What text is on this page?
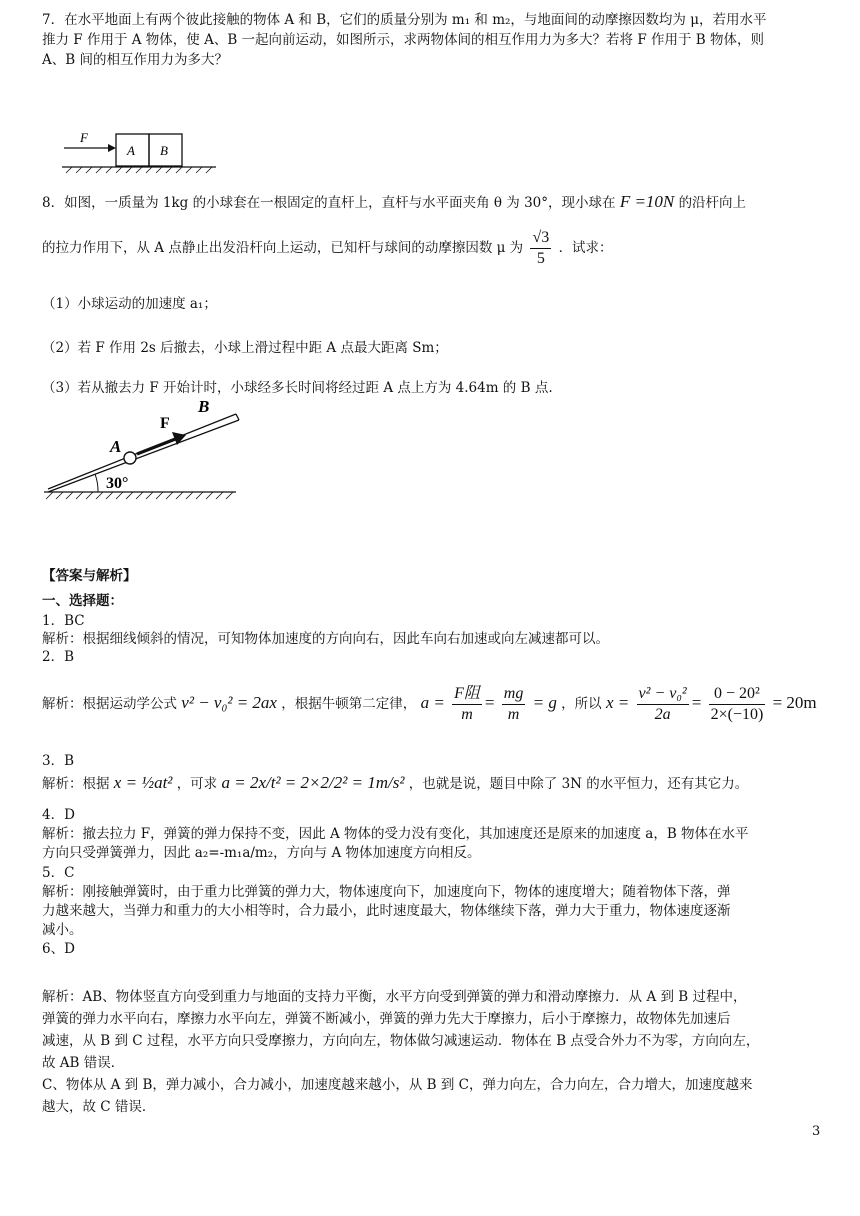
7．在水平地面上有两个彼此接触的物体 A 和 B，它们的质量分别为 m₁ 和 m₂，与地面间的动摩擦因数均为 μ，若用水平

推力 F 作用于 A 物体，使 A、B 一起向前运动，如图所示，求两物体间的相互作用力为多大？若将 F 作用于 B 物体，则

A、B 间的相互作用力为多大？

F
A B

8．如图，一质量为 1kg 的小球套在一根固定的直杆上，直杆与水平面夹角 θ 为 30°，现小球在 F =10N 的沿杆向上

的拉力作用下，从 A 点静止出发沿杆向上运动，已知杆与球间的动摩擦因数 μ 为 $\frac{√3}{5}$ ．试求：

（1）小球运动的加速度 a₁；
（2）若 F 作用 2s 后撤去，小球上滑过程中距 A 点最大距离 Sm；
（3）若从撤去力 F 开始计时，小球经多长时间将经过距 A 点上方为 4.64m 的 B 点.
A
F
B
30°
【答案与解析】
一、选择题：

1．BC

解析：根据细线倾斜的情况，可知物体加速度的方向向右，因此车向右加速或向左减速都可以。

2．B

解析：根据运动学公式 v² − v₀² = 2ax ，根据牛顿第二定律， $a = \frac{\text{F阻}}{m} = \frac{mg}{m} = g$ ，所以 $x = \frac{\text{v² − v₀²}}{2a} = \frac{\text{0 − 20²}}{2\times(-10)} = 20m$
3．B
解析：根据 x = ½at² ，可求 a = 2x/t² = 2×2/2² = 1m/s² ，也就是说，题目中除了 3N 的水平恒力，还有其它力。

4．D

解析：撤去拉力 F，弹簧的弹力保持不变，因此 A 物体的受力没有变化，其加速度还是原来的加速度 a，B 物体在水平

方向只受弹簧弹力，因此 a₂=-m₁a/m₂，方向与 A 物体加速度方向相反。

5．C

解析：刚接触弹簧时，由于重力比弹簧的弹力大，物体速度向下，加速度向下，物体的速度增大；随着物体下落，弹

力越来越大，当弹力和重力的大小相等时，合力最小，此时速度最大，物体继续下落，弹力大于重力，物体速度逐渐

减小。

6、D

解析：AB、物体竖直方向受到重力与地面的支持力平衡，水平方向受到弹簧的弹力和滑动摩擦力．从 A 到 B 过程中，

弹簧的弹力水平向右，摩擦力水平向左，弹簧不断减小，弹簧的弹力先大于摩擦力，后小于摩擦力，故物体先加速后

减速，从 B 到 C 过程，水平方向只受摩擦力，方向向左，物体做匀减速运动．物体在 B 点受合外力不为零，方向向左，

故 AB 错误．

C、物体从 A 到 B，弹力减小，合力减小，加速度越来越小，从 B 到 C，弹力向左，合力向左，合力增大，加速度越来

越大，故 C 错误．

3
